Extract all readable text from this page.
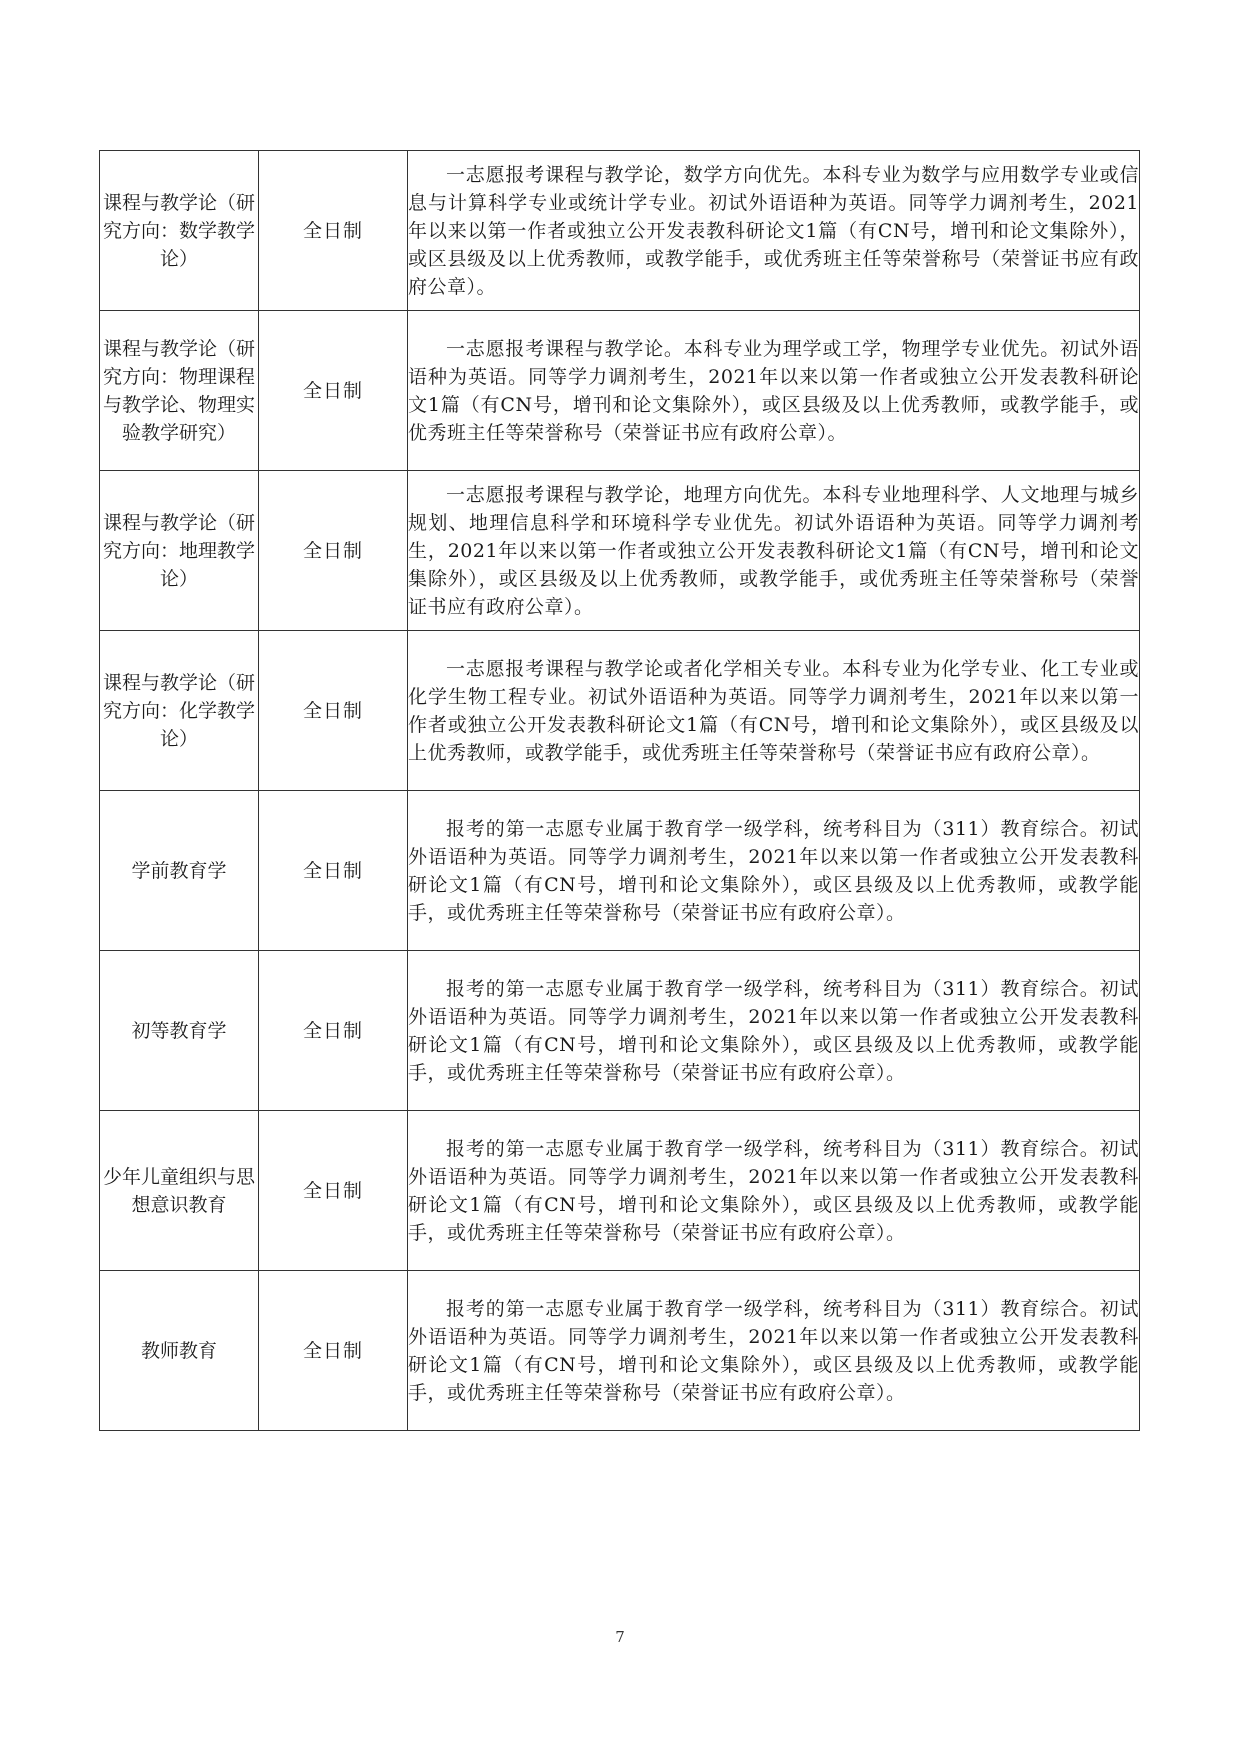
课程与教学论（研究方向：数学教学论）	全日制	一志愿报考课程与教学论，数学方向优先。本科专业为数学与应用数学专业或信息与计算科学专业或统计学专业。初试外语语种为英语。同等学力调剂考生，2021年以来以第一作者或独立公开发表教科研论文1篇（有CN号，增刊和论文集除外），或区县级及以上优秀教师，或教学能手，或优秀班主任等荣誉称号（荣誉证书应有政府公章）。
课程与教学论（研究方向：物理课程与教学论、物理实验教学研究）	全日制	一志愿报考课程与教学论。本科专业为理学或工学，物理学专业优先。初试外语语种为英语。同等学力调剂考生，2021年以来以第一作者或独立公开发表教科研论文1篇（有CN号，增刊和论文集除外），或区县级及以上优秀教师，或教学能手，或优秀班主任等荣誉称号（荣誉证书应有政府公章）。
课程与教学论（研究方向：地理教学论）	全日制	一志愿报考课程与教学论，地理方向优先。本科专业地理科学、人文地理与城乡规划、地理信息科学和环境科学专业优先。初试外语语种为英语。同等学力调剂考生，2021年以来以第一作者或独立公开发表教科研论文1篇（有CN号，增刊和论文集除外），或区县级及以上优秀教师，或教学能手，或优秀班主任等荣誉称号（荣誉证书应有政府公章）。
课程与教学论（研究方向：化学教学论）	全日制	一志愿报考课程与教学论或者化学相关专业。本科专业为化学专业、化工专业或化学生物工程专业。初试外语语种为英语。同等学力调剂考生，2021年以来以第一作者或独立公开发表教科研论文1篇（有CN号，增刊和论文集除外），或区县级及以上优秀教师，或教学能手，或优秀班主任等荣誉称号（荣誉证书应有政府公章）。
学前教育学	全日制	报考的第一志愿专业属于教育学一级学科，统考科目为（311）教育综合。初试外语语种为英语。同等学力调剂考生，2021年以来以第一作者或独立公开发表教科研论文1篇（有CN号，增刊和论文集除外），或区县级及以上优秀教师，或教学能手，或优秀班主任等荣誉称号（荣誉证书应有政府公章）。
初等教育学	全日制	报考的第一志愿专业属于教育学一级学科，统考科目为（311）教育综合。初试外语语种为英语。同等学力调剂考生，2021年以来以第一作者或独立公开发表教科研论文1篇（有CN号，增刊和论文集除外），或区县级及以上优秀教师，或教学能手，或优秀班主任等荣誉称号（荣誉证书应有政府公章）。
少年儿童组织与思想意识教育	全日制	报考的第一志愿专业属于教育学一级学科，统考科目为（311）教育综合。初试外语语种为英语。同等学力调剂考生，2021年以来以第一作者或独立公开发表教科研论文1篇（有CN号，增刊和论文集除外），或区县级及以上优秀教师，或教学能手，或优秀班主任等荣誉称号（荣誉证书应有政府公章）。
教师教育	全日制	报考的第一志愿专业属于教育学一级学科，统考科目为（311）教育综合。初试外语语种为英语。同等学力调剂考生，2021年以来以第一作者或独立公开发表教科研论文1篇（有CN号，增刊和论文集除外），或区县级及以上优秀教师，或教学能手，或优秀班主任等荣誉称号（荣誉证书应有政府公章）。
7
